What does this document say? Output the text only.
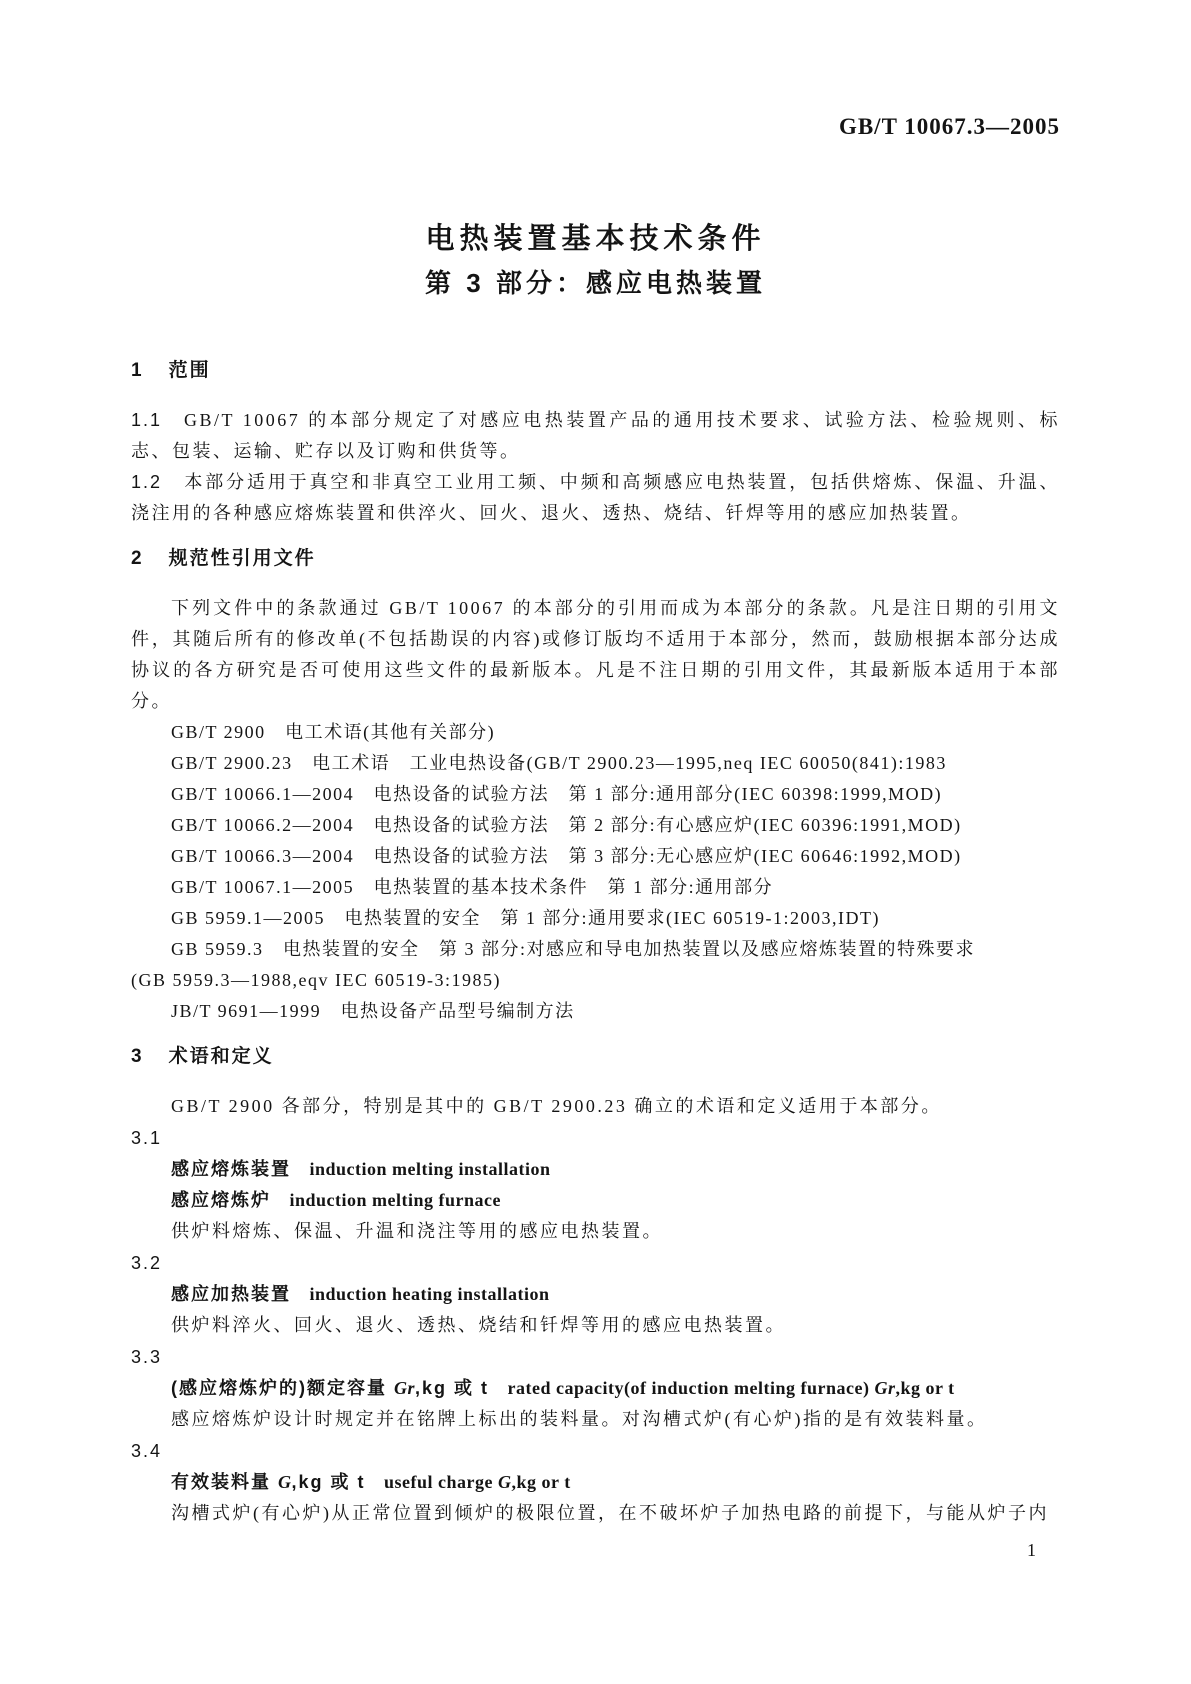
GB/T 10067.3—2005
电热装置基本技术条件
第 3 部分：感应电热装置
1 范围
1.1 GB/T 10067 的本部分规定了对感应电热装置产品的通用技术要求、试验方法、检验规则、标志、包装、运输、贮存以及订购和供货等。
1.2 本部分适用于真空和非真空工业用工频、中频和高频感应电热装置，包括供熔炼、保温、升温、浇注用的各种感应熔炼装置和供淬火、回火、退火、透热、烧结、钎焊等用的感应加热装置。
2 规范性引用文件
下列文件中的条款通过 GB/T 10067 的本部分的引用而成为本部分的条款。凡是注日期的引用文件，其随后所有的修改单(不包括勘误的内容)或修订版均不适用于本部分，然而，鼓励根据本部分达成协议的各方研究是否可使用这些文件的最新版本。凡是不注日期的引用文件，其最新版本适用于本部分。
GB/T 2900　电工术语(其他有关部分)
GB/T 2900.23　电工术语　工业电热设备(GB/T 2900.23—1995,neq IEC 60050(841):1983
GB/T 10066.1—2004　电热设备的试验方法　第 1 部分:通用部分(IEC 60398:1999,MOD)
GB/T 10066.2—2004　电热设备的试验方法　第 2 部分:有心感应炉(IEC 60396:1991,MOD)
GB/T 10066.3—2004　电热设备的试验方法　第 3 部分:无心感应炉(IEC 60646:1992,MOD)
GB/T 10067.1—2005　电热装置的基本技术条件　第 1 部分:通用部分
GB 5959.1—2005　电热装置的安全　第 1 部分:通用要求(IEC 60519-1:2003,IDT)
GB 5959.3　电热装置的安全　第 3 部分:对感应和导电加热装置以及感应熔炼装置的特殊要求
(GB 5959.3—1988,eqv IEC 60519-3:1985)
JB/T 9691—1999　电热设备产品型号编制方法
3 术语和定义
GB/T 2900 各部分，特别是其中的 GB/T 2900.23 确立的术语和定义适用于本部分。
3.1
感应熔炼装置　induction melting installation
感应熔炼炉　induction melting furnace
供炉料熔炼、保温、升温和浇注等用的感应电热装置。
3.2
感应加热装置　induction heating installation
供炉料淬火、回火、退火、透热、烧结和钎焊等用的感应电热装置。
3.3
(感应熔炼炉的)额定容量 Gr,kg 或 t　rated capacity(of induction melting furnace) Gr,kg or t
感应熔炼炉设计时规定并在铭牌上标出的装料量。对沟槽式炉(有心炉)指的是有效装料量。
3.4
有效装料量 G,kg 或 t　useful charge G,kg or t
沟槽式炉(有心炉)从正常位置到倾炉的极限位置，在不破坏炉子加热电路的前提下，与能从炉子内
1
